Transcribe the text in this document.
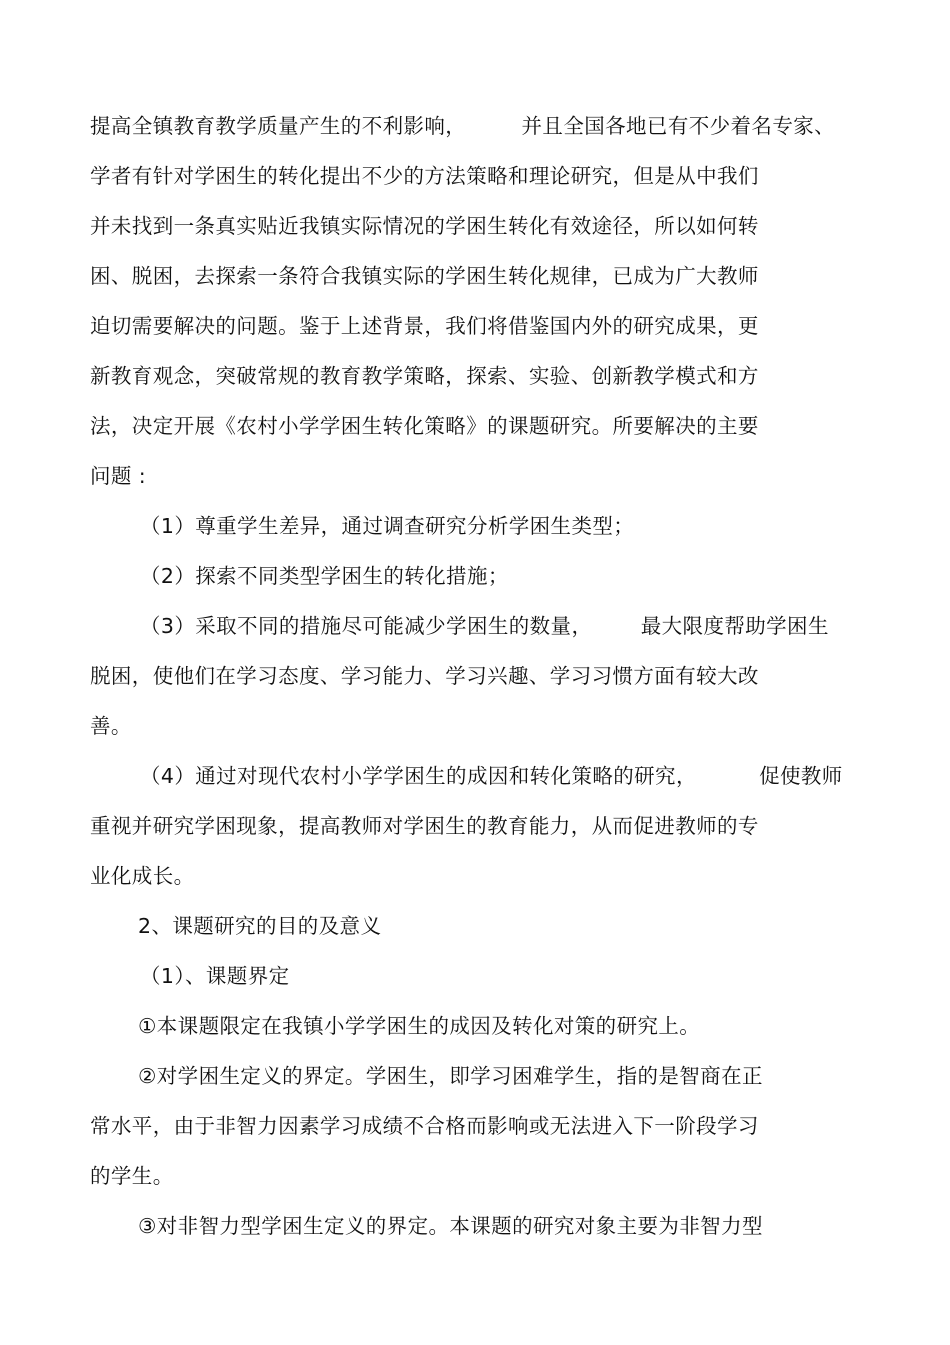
提高全镇教育教学质量产生的不利影响，        并且全国各地已有不少着名专家、
学者有针对学困生的转化提出不少的方法策略和理论研究，但是从中我们
并未找到一条真实贴近我镇实际情况的学困生转化有效途径，所以如何转
困、脱困，去探索一条符合我镇实际的学困生转化规律，已成为广大教师
迫切需要解决的问题。鉴于上述背景，我们将借鉴国内外的研究成果，更
新教育观念，突破常规的教育教学策略，探索、实验、创新教学模式和方
法，决定开展《农村小学学困生转化策略》的课题研究。所要解决的主要
问题 :
（1）尊重学生差异，通过调查研究分析学困生类型；
（2）探索不同类型学困生的转化措施；
（3）采取不同的措施尽可能减少学困生的数量，       最大限度帮助学困生
脱困，使他们在学习态度、学习能力、学习兴趣、学习习惯方面有较大改
善。
（4）通过对现代农村小学学困生的成因和转化策略的研究，         促使教师
重视并研究学困现象，提高教师对学困生的教育能力，从而促进教师的专
业化成长。
2、课题研究的目的及意义
（1）、课题界定
①本课题限定在我镇小学学困生的成因及转化对策的研究上。
②对学困生定义的界定。学困生，即学习困难学生，指的是智商在正
常水平，由于非智力因素学习成绩不合格而影响或无法进入下一阶段学习
的学生。
③对非智力型学困生定义的界定。本课题的研究对象主要为非智力型
